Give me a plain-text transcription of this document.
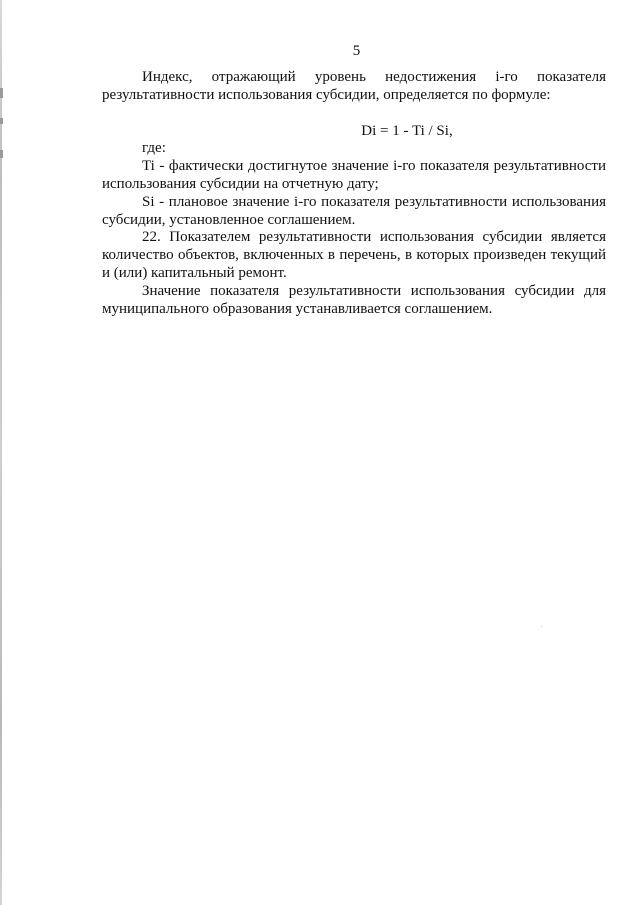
5

Индекс, отражающий уровень недостижения i-го показателя результативности использования субсидии, определяется по формуле:

Di = 1 - Ti / Si,

где:

Ti - фактически достигнутое значение i-го показателя результативности использования субсидии на отчетную дату;

Si - плановое значение i-го показателя результативности использования субсидии, установленное соглашением.

22. Показателем результативности использования субсидии является количество объектов, включенных в перечень, в которых произведен текущий и (или) капитальный ремонт.

Значение показателя результативности использования субсидии для муниципального образования устанавливается соглашением.
